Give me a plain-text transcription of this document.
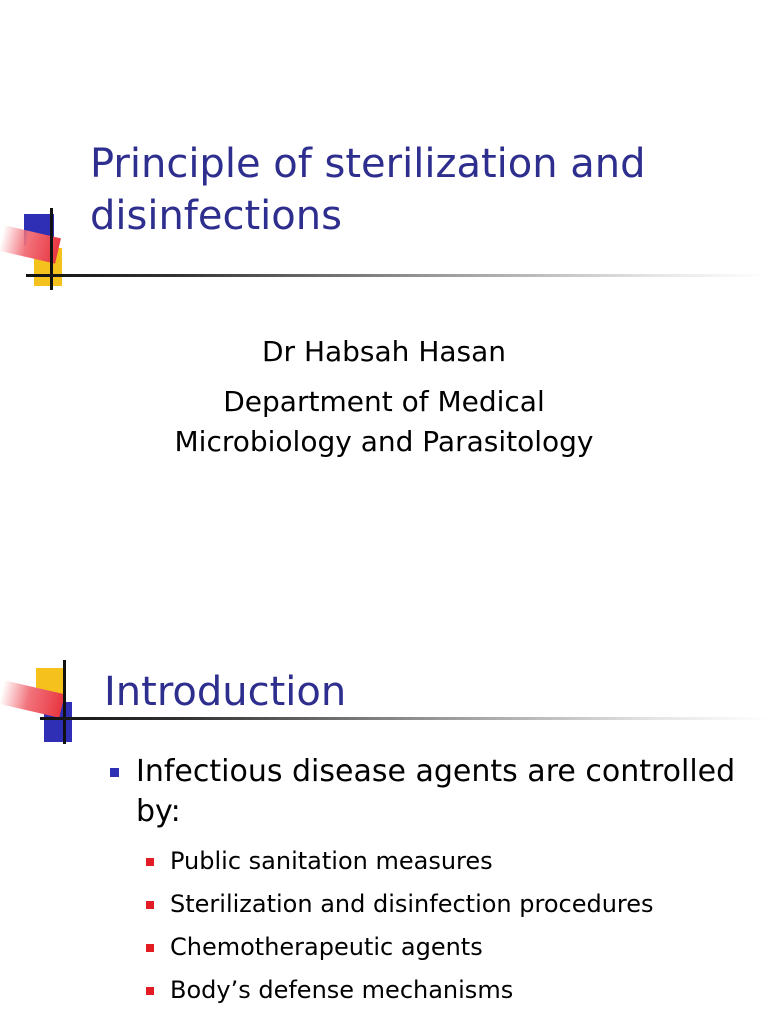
Principle of sterilization and disinfections
Dr Habsah Hasan
Department of Medical
Microbiology and Parasitology
Introduction
Infectious disease agents are controlled by:
Public sanitation measures
Sterilization and disinfection procedures
Chemotherapeutic agents
Body’s defense mechanisms
